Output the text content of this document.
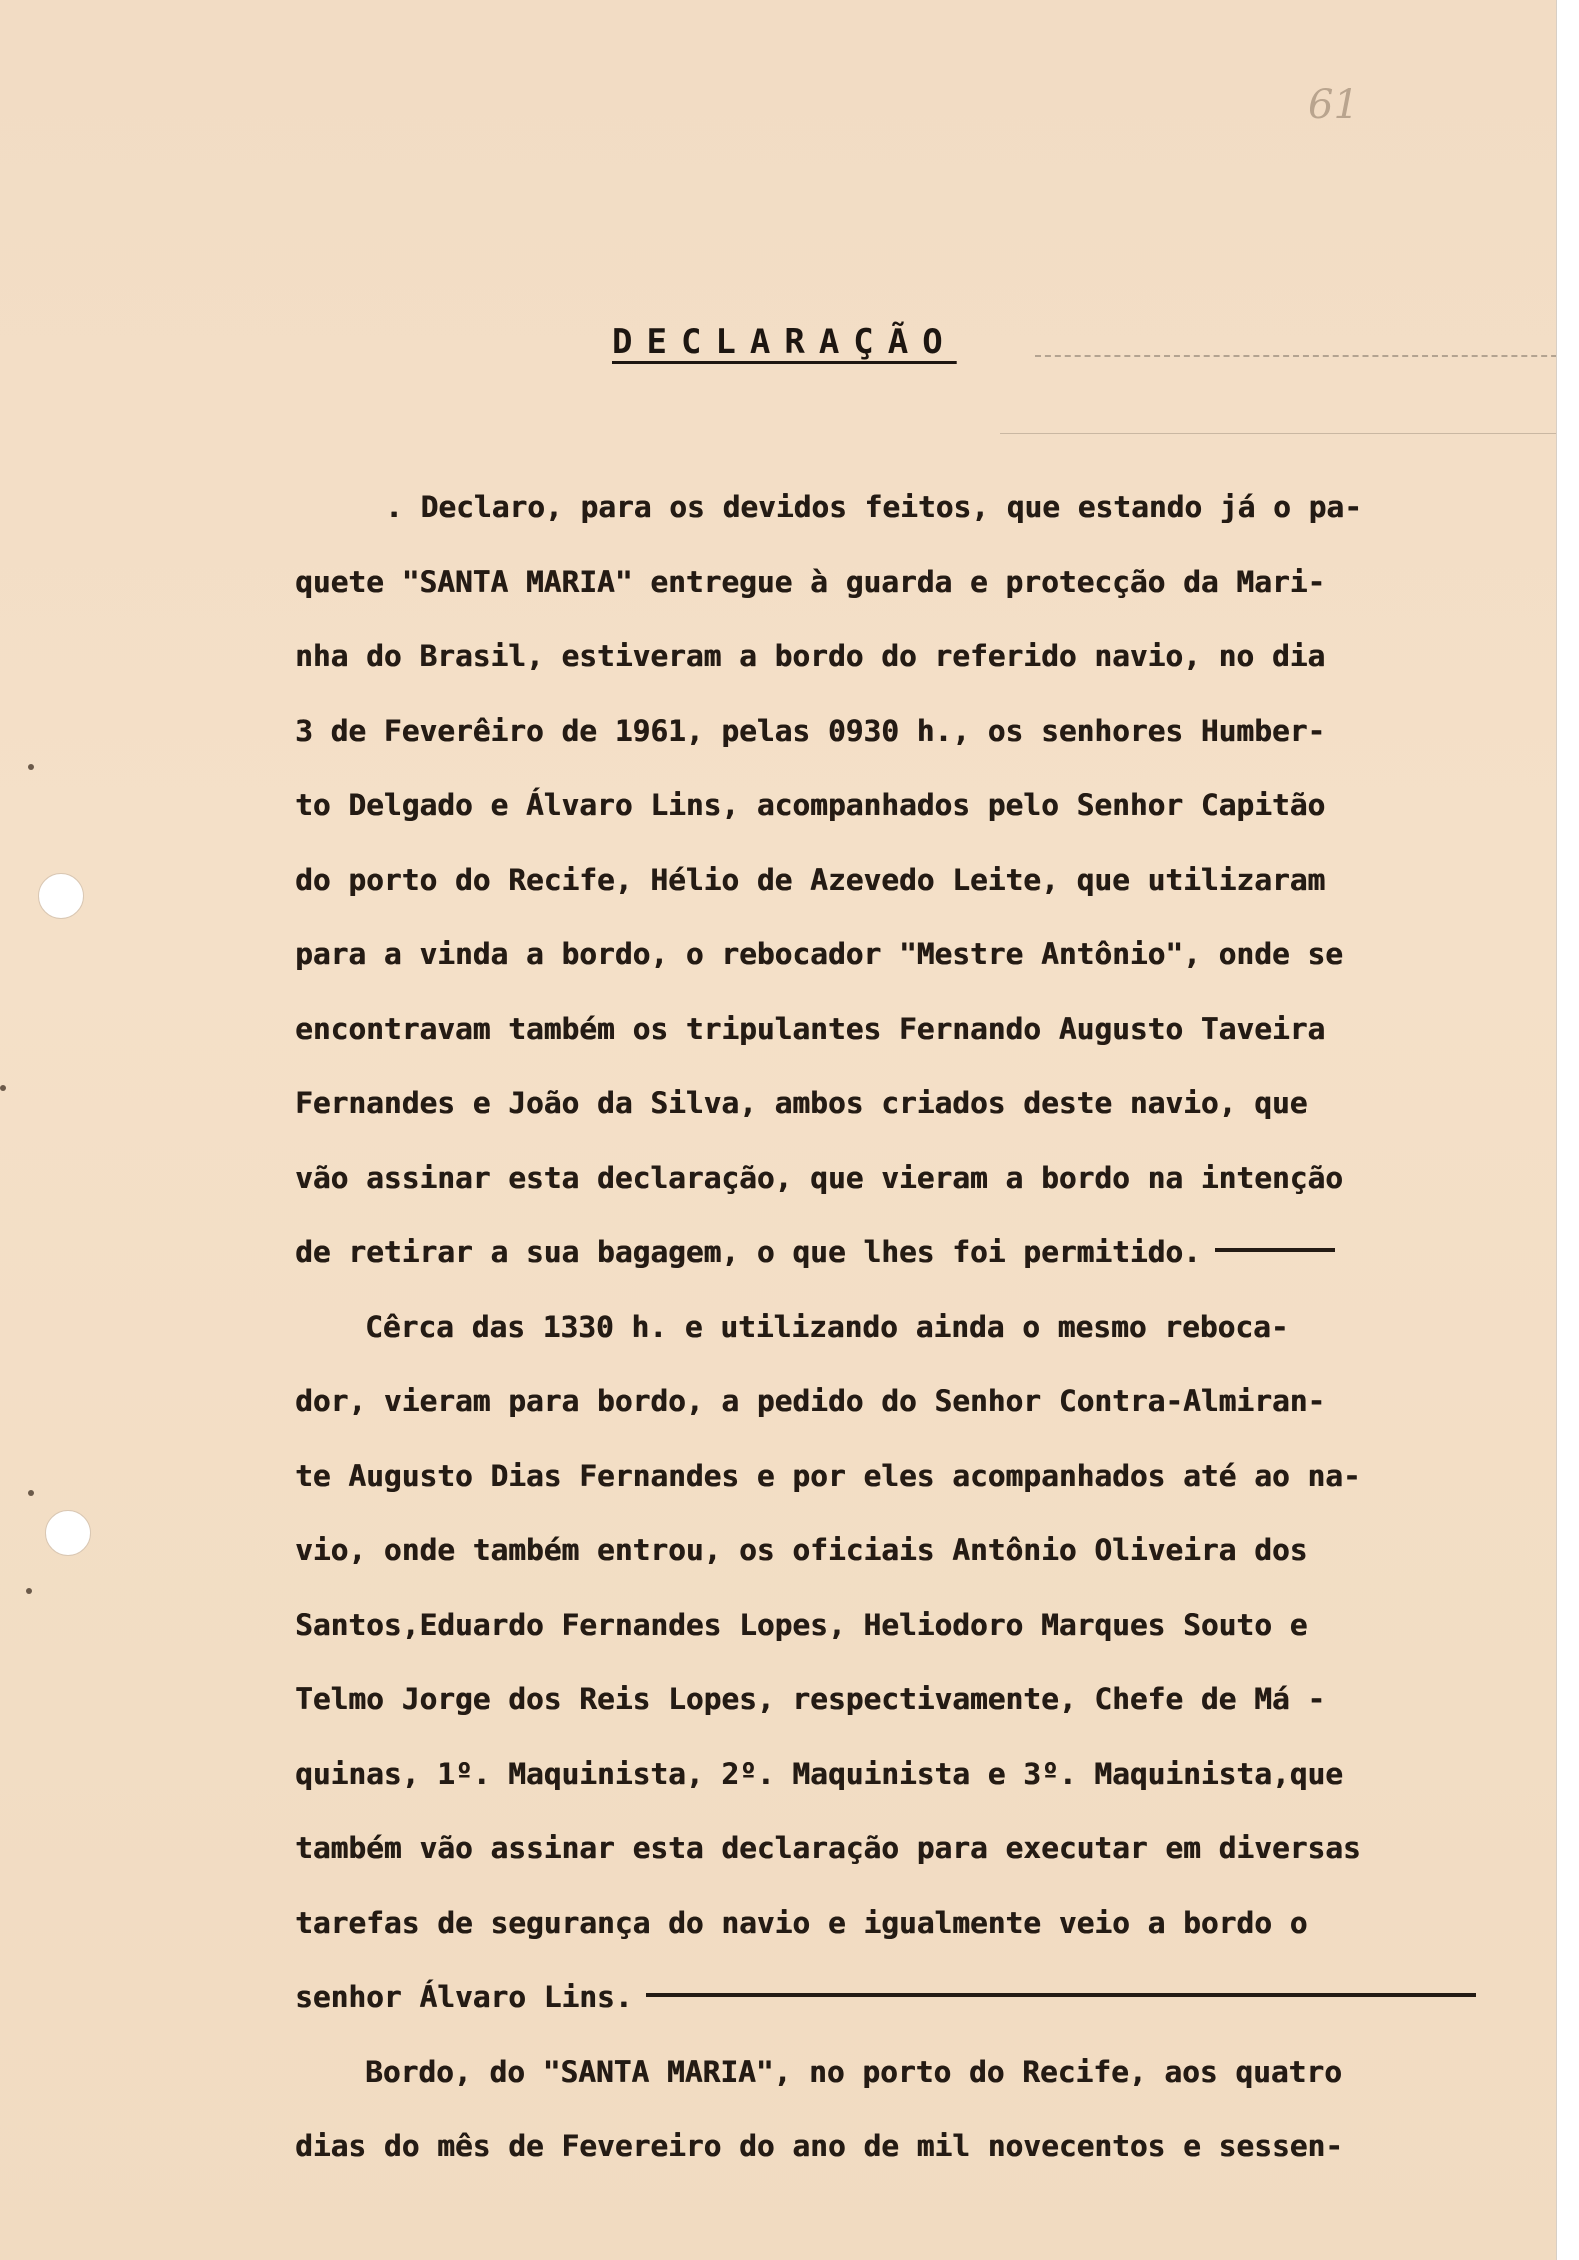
61
DECLARAÇÃO
. Declaro, para os devidos feitos, que estando já o pa-
quete "SANTA MARIA" entregue à guarda e protecção da Mari-
nha do Brasil, estiveram a bordo do referido navio, no dia
3 de Feverêiro de 1961, pelas 0930 h., os senhores Humber-
to Delgado e Álvaro Lins, acompanhados pelo Senhor Capitão
do porto do Recife, Hélio de Azevedo Leite, que utilizaram
para a vinda a bordo, o rebocador "Mestre Antônio", onde se
encontravam também os tripulantes Fernando Augusto Taveira
Fernandes e João da Silva, ambos criados deste navio, que
vão assinar esta declaração, que vieram a bordo na intenção
de retirar a sua bagagem, o que lhes foi permitido.
Cêrca das 1330 h. e utilizando ainda o mesmo reboca-
dor, vieram para bordo, a pedido do Senhor Contra-Almiran-
te Augusto Dias Fernandes e por eles acompanhados até ao na-
vio, onde também entrou, os oficiais Antônio Oliveira dos
Santos,Eduardo Fernandes Lopes, Heliodoro Marques Souto e
Telmo Jorge dos Reis Lopes, respectivamente, Chefe de Má -
quinas, 1º. Maquinista, 2º. Maquinista e 3º. Maquinista,que
também vão assinar esta declaração para executar em diversas
tarefas de segurança do navio e igualmente veio a bordo o
senhor Álvaro Lins.
Bordo, do "SANTA MARIA", no porto do Recife, aos quatro
dias do mês de Fevereiro do ano de mil novecentos e sessen-
